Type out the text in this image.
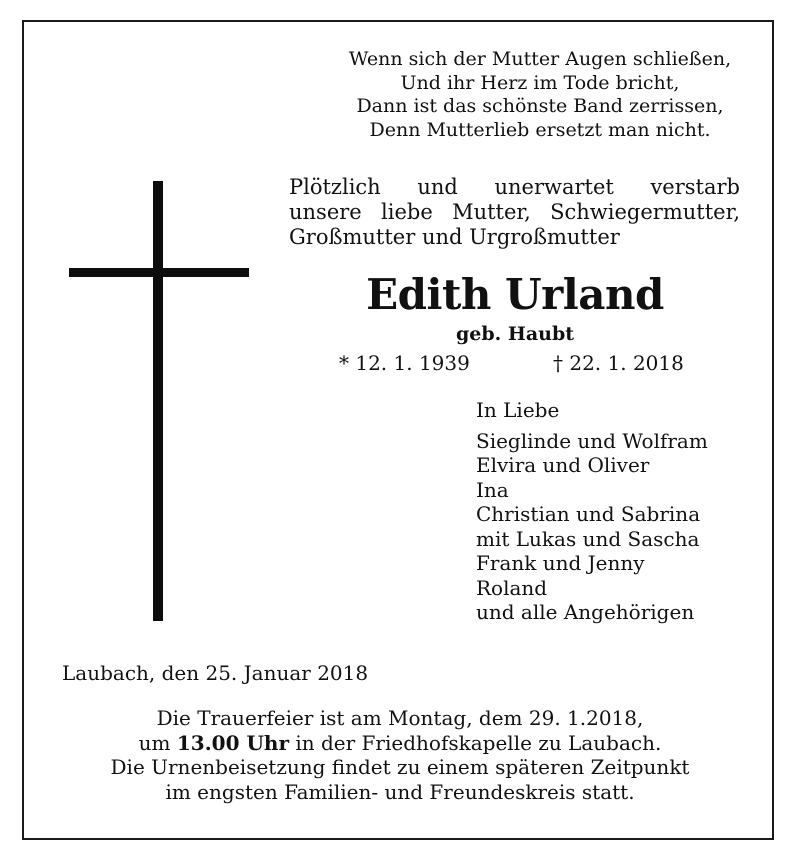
Wenn sich der Mutter Augen schließen,
Und ihr Herz im Tode bricht,
Dann ist das schönste Band zerrissen,
Denn Mutterlieb ersetzt man nicht.
Plötzlich und unerwartet verstarb
unsere liebe Mutter, Schwiegermutter,
Großmutter und Urgroßmutter
Edith Urland
geb. Haubt
* 12. 1. 1939	† 22. 1. 2018
In Liebe
Sieglinde und Wolfram
Elvira und Oliver
Ina
Christian und Sabrina
mit Lukas und Sascha
Frank und Jenny
Roland
und alle Angehörigen
Laubach, den 25. Januar 2018
Die Trauerfeier ist am Montag, dem 29. 1.2018,
um 13.00 Uhr in der Friedhofskapelle zu Laubach.
Die Urnenbeisetzung findet zu einem späteren Zeitpunkt
im engsten Familien- und Freundeskreis statt.
